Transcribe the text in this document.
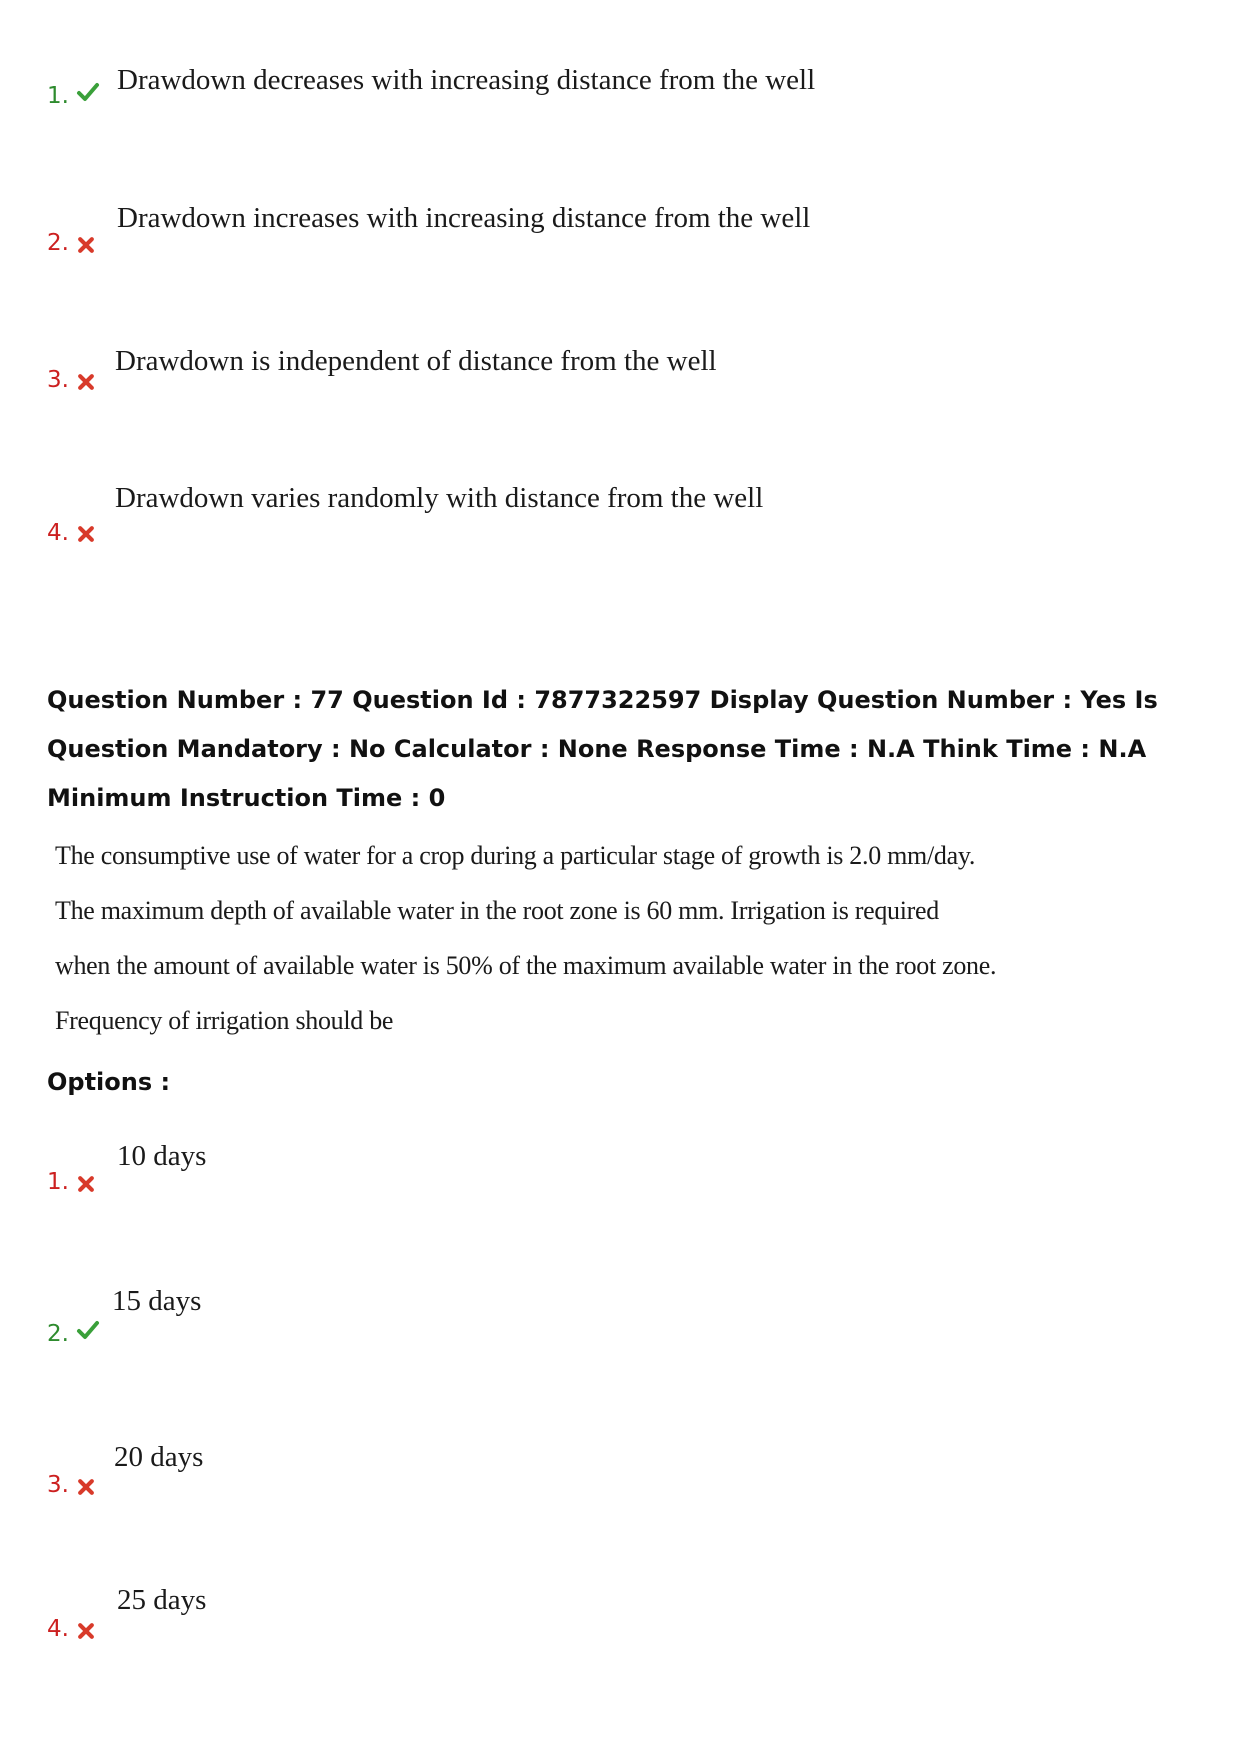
1. Drawdown decreases with increasing distance from the well
2.
Drawdown increases with increasing distance from the well
3.
Drawdown is independent of distance from the well
4.
Drawdown varies randomly with distance from the well
Question Number : 77 Question Id : 7877322597 Display Question Number : Yes Is Question Mandatory : No Calculator : None Response Time : N.A Think Time : N.A Minimum Instruction Time : 0
The consumptive use of water for a crop during a particular stage of growth is 2.0 mm/day.
The maximum depth of available water in the root zone is 60 mm. Irrigation is required
when the amount of available water is 50% of the maximum available water in the root zone.
Frequency of irrigation should be
Options :
1.
10 days
2.
15 days
3.
20 days
4.
25 days
